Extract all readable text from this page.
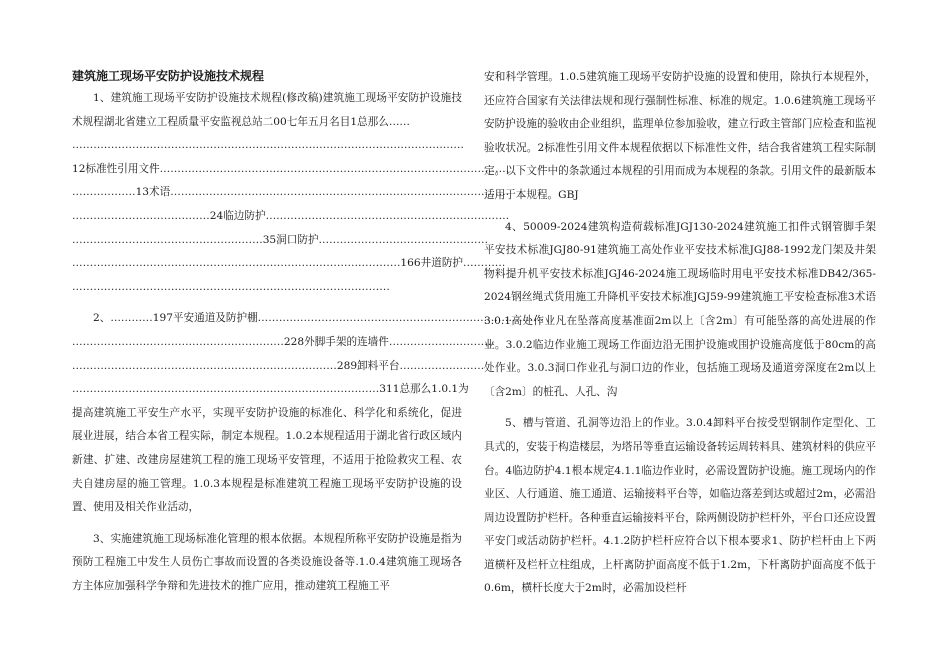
建筑施工现场平安防护设施技术规程

1、建筑施工现场平安防护设施技术规程(修改稿)建筑施工现场平安防护设施技术规程湖北省建立工程质量平安监视总站二00七年五月名目1总那么……

…………………………………………………………………………………………………
12标准性引用文件………………………………………………………………………………………
………………13术语……………………………………………………………………………………
…………………………………24临边防护……………………………………………………………
………………………………………………35洞口防护…………………………………………
…………………………………………………………………………………166井道防护…………
………………………………………………………………………………
2、…………197平安通道及防护棚………………………………………………………………………
……………………………………………………228外脚手架的连墙件…………………………
…………………………………………………………………289卸料平台……………………
……………………………………………………………………………311总那么1.0.1为

提高建筑施工平安生产水平，实现平安防护设施的标准化、科学化和系统化，促进展业进展，结合本省工程实际，制定本规程。1.0.2本规程适用于湖北省行政区域内新建、扩建、改建房屋建筑工程的施工现场平安管理，不适用于抢险救灾工程、农夫自建房屋的施工管理。1.0.3本规程是标准建筑工程施工现场平安防护设施的设置、使用及相关作业活动，

3、实施建筑施工现场标准化管理的根本依据。本规程所称平安防护设施是指为预防工程施工中发生人员伤亡事故而设置的各类设施设备等.1.0.4建筑施工现场各方主体应加强科学争辩和先进技术的推广应用，推动建筑工程施工平

安和科学管理。1.0.5建筑施工现场平安防护设施的设置和使用，除执行本规程外，还应符合国家有关法律法规和现行强制性标准、标准的规定。1.0.6建筑施工现场平安防护设施的验收由企业组织，监理单位参加验收，建立行政主管部门应检查和监视验收状况。2标准性引用文件本规程依据以下标准性文件，结合我省建筑工程实际制定。以下文件中的条款通过本规程的引用而成为本规程的条款。引用文件的最新版本适用于本规程。GBJ

4、50009-2024建筑构造荷载标准JGJ130-2024建筑施工扣件式钢管脚手架平安技术标准JGJ80-91建筑施工高处作业平安技术标准JGJ88-1992龙门架及井架物料提升机平安技术标准JGJ46-2024施工现场临时用电平安技术标准DB42/365-2024钢丝绳式货用施工升降机平安技术标准JGJ59-99建筑施工平安检查标准3术语3.0.1高处作业凡在坠落高度基准面2m以上〔含2m〕有可能坠落的高处进展的作业。3.0.2临边作业施工现场工作面边沿无围护设施或围护设施高度低于80cm的高处作业。3.0.3洞口作业孔与洞口边的作业，包括施工现场及通道旁深度在2m以上〔含2m〕的桩孔、人孔、沟

5、槽与管道、孔洞等边沿上的作业。3.0.4卸料平台按受型钢制作定型化、工具式的，安装于构造楼层，为塔吊等垂直运输设备转运周转料具、建筑材料的供应平台。4临边防护4.1根本规定4.1.1临边作业时，必需设置防护设施。施工现场内的作业区、人行通道、施工通道、运输接料平台等，如临边落差到达或超过2m，必需沿周边设置防护栏杆。各种垂直运输接料平台，除两侧设防护栏杆外，平台口还应设置平安门或活动防护栏杆。4.1.2防护栏杆应符合以下根本要求1、防护栏杆由上下两道横杆及栏杆立柱组成，上杆离防护面高度不低于1.2m，下杆离防护面高度不低于0.6m，横杆长度大于2m时，必需加设栏杆
